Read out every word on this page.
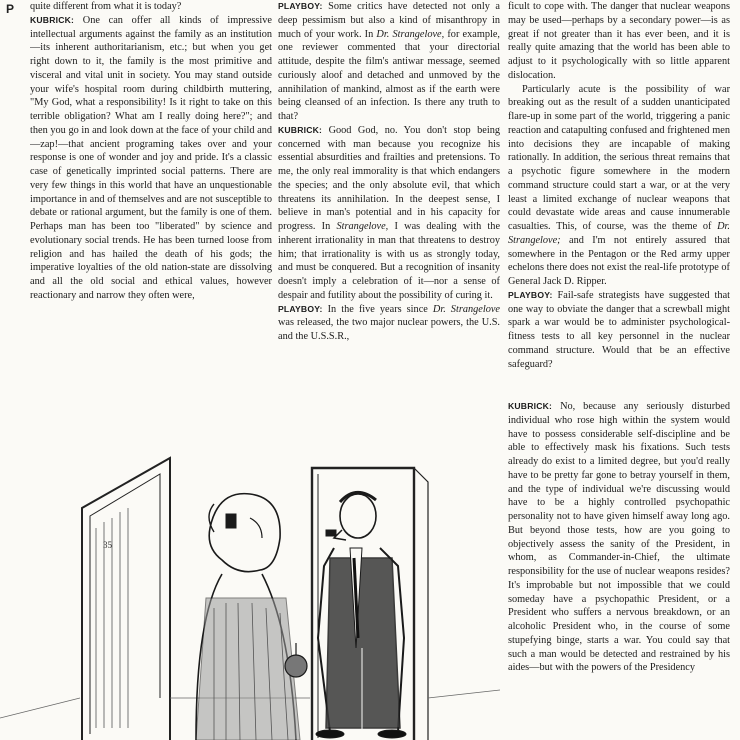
P quite different from what it is today?

KUBRICK: One can offer all kinds of impressive intellectual arguments against the family as an institution—its inherent authoritarianism, etc.; but when you get right down to it, the family is the most primitive and visceral and vital unit in society. You may stand outside your wife's hospital room during childbirth muttering, "My God, what a responsibility! Is it right to take on this terrible obligation? What am I really doing here?"; and then you go in and look down at the face of your child and—zap!—that ancient programing takes over and your response is one of wonder and joy and pride. It's a classic case of genetically imprinted social patterns. There are very few things in this world that have an unquestionable importance in and of themselves and are not susceptible to debate or rational argument, but the family is one of them. Perhaps man has been too "liberated" by science and evolutionary social trends. He has been turned loose from religion and has hailed the death of his gods; the imperative loyalties of the old nation-state are dissolving and all the old social and ethical values, however reactionary and narrow they often were,

PLAYBOY: Some critics have detected not only a deep pessimism but also a kind of misanthropy in much of your work. In Dr. Strangelove, for example, one reviewer commented that your directorial attitude, despite the film's antiwar message, seemed curiously aloof and detached and unmoved by the annihilation of mankind, almost as if the earth were being cleansed of an infection. Is there any truth to that?

KUBRICK: Good God, no. You don't stop being concerned with man because you recognize his essential absurdities and frailties and pretensions. To me, the only real immorality is that which endangers the species; and the only absolute evil, that which threatens its annihilation. In the deepest sense, I believe in man's potential and in his capacity for progress. In Strangelove, I was dealing with the inherent irrationality in man that threatens to destroy him; that irrationality is with us as strongly today, and must be conquered. But a recognition of insanity doesn't imply a celebration of it—nor a sense of despair and futility about the possibility of curing it.

PLAYBOY: In the five years since Dr. Strangelove was released, the two major nuclear powers, the U.S. and the U.S.S.R.,

ficult to cope with. The danger that nuclear weapons may be used—perhaps by a secondary power—is as great if not greater than it has ever been, and it is really quite amazing that the world has been able to adjust to it psychologically with so little apparent dislocation.

Particularly acute is the possibility of war breaking out as the result of a sudden unanticipated flare-up in some part of the world, triggering a panic reaction and catapulting confused and frightened men into decisions they are incapable of making rationally. In addition, the serious threat remains that a psychotic figure somewhere in the modern command structure could start a war, or at the very least a limited exchange of nuclear weapons that could devastate wide areas and cause innumerable casualties. This, of course, was the theme of Dr. Strangelove; and I'm not entirely assured that somewhere in the Pentagon or the Red army upper echelons there does not exist the real-life prototype of General Jack D. Ripper.

PLAYBOY: Fail-safe strategists have suggested that one way to obviate the danger that a screwball might spark a war would be to administer psychological-fitness tests to all key personnel in the nuclear command structure. Would that be an effective safeguard?

KUBRICK: No, because any seriously disturbed individual who rose high within the system would have to possess considerable self-discipline and be able to effectively mask his fixations. Such tests already do exist to a limited degree, but you'd really have to be pretty far gone to betray yourself in them, and the type of individual we're discussing would have to be a highly controlled psychopathic personality not to have given himself away long ago. But beyond those tests, how are you going to objectively assess the sanity of the President, in whom, as Commander-in-Chief, the ultimate responsibility for the use of nuclear weapons resides? It's improbable but not impossible that we could someday have a psychopathic President, or a President who suffers a nervous breakdown, or an alcoholic President who, in the course of some stupefying binge, starts a war. You could say that such a man would be detected and restrained by his aides—but with the powers of the Presidency

35
